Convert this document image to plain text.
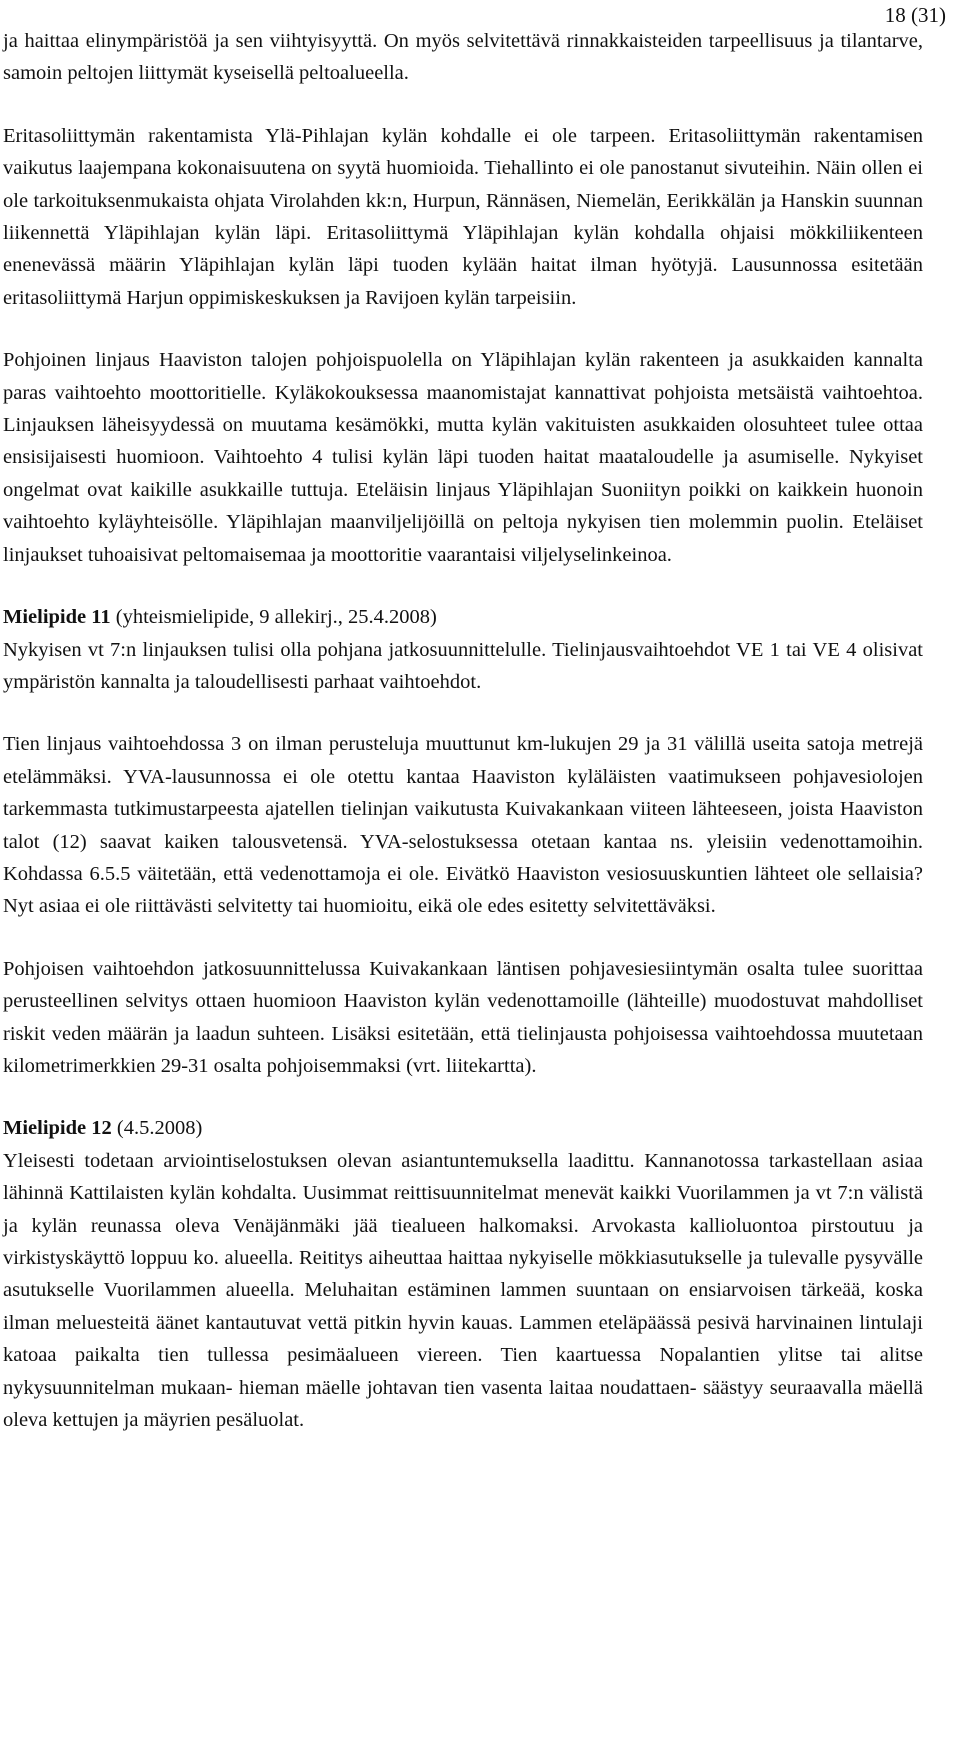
18 (31)

ja haittaa elinympäristöä ja sen viihtyisyyttä. On myös selvitettävä rinnakkaisteiden tarpeellisuus ja tilantarve, samoin peltojen liittymät kyseisellä peltoalueella.

Eritasoliittymän rakentamista Ylä-Pihlajan kylän kohdalle ei ole tarpeen. Eritasoliittymän rakentamisen vaikutus laajempana kokonaisuutena on syytä huomioida. Tiehallinto ei ole panostanut sivuteihin. Näin ollen ei ole tarkoituksenmukaista ohjata Virolahden kk:n, Hurpun, Rännäsen, Niemelän, Eerikkälän ja Hanskin suunnan liikennettä Yläpihlajan kylän läpi. Eritasoliittymä Yläpihlajan kylän kohdalla ohjaisi mökkiliikenteen enenevässä määrin Yläpihlajan kylän läpi tuoden kylään haitat ilman hyötyjä. Lausunnossa esitetään eritasoliittymä Harjun oppimiskeskuksen ja Ravijoen kylän tarpeisiin.

Pohjoinen linjaus Haaviston talojen pohjoispuolella on Yläpihlajan kylän rakenteen ja asukkaiden kannalta paras vaihtoehto moottoritielle. Kyläkokouksessa maanomistajat kannattivat pohjoista metsäistä vaihtoehtoa. Linjauksen läheisyydessä on muutama kesämökki, mutta kylän vakituisten asukkaiden olosuhteet tulee ottaa ensisijaisesti huomioon. Vaihtoehto 4 tulisi kylän läpi tuoden haitat maataloudelle ja asumiselle. Nykyiset ongelmat ovat kaikille asukkaille tuttuja. Eteläisin linjaus Yläpihlajan Suoniityn poikki on kaikkein huonoin vaihtoehto kyläyhteisölle. Yläpihlajan maanviljelijöillä on peltoja nykyisen tien molemmin puolin. Eteläiset linjaukset tuhoaisivat peltomaisemaa ja moottoritie vaarantaisi viljelyselinkeinoa.

Mielipide 11 (yhteismielipide, 9 allekirj., 25.4.2008)

Nykyisen vt 7:n linjauksen tulisi olla pohjana jatkosuunnittelulle. Tielinjausvaihtoehdot VE 1 tai VE 4 olisivat ympäristön kannalta ja taloudellisesti parhaat vaihtoehdot.

Tien linjaus vaihtoehdossa 3 on ilman perusteluja muuttunut km-lukujen 29 ja 31 välillä useita satoja metrejä etelämmäksi. YVA-lausunnossa ei ole otettu kantaa Haaviston kyläläisten vaatimukseen pohjavesiolojen tarkemmasta tutkimustarpeesta ajatellen tielinjan vaikutusta Kuivakankaan viiteen lähteeseen, joista Haaviston talot (12) saavat kaiken talousvetensä. YVA-selostuksessa otetaan kantaa ns. yleisiin vedenottamoihin. Kohdassa 6.5.5 väitetään, että vedenottamoja ei ole. Eivätkö Haaviston vesiosuuskuntien lähteet ole sellaisia? Nyt asiaa ei ole riittävästi selvitetty tai huomioitu, eikä ole edes esitetty selvitettäväksi.

Pohjoisen vaihtoehdon jatkosuunnittelussa Kuivakankaan läntisen pohjavesiesiintymän osalta tulee suorittaa perusteellinen selvitys ottaen huomioon Haaviston kylän vedenottamoille (lähteille) muodostuvat mahdolliset riskit veden määrän ja laadun suhteen. Lisäksi esitetään, että tielinjausta pohjoisessa vaihtoehdossa muutetaan kilometrimerkkien 29-31 osalta pohjoisemmaksi (vrt. liitekartta).

Mielipide 12 (4.5.2008)

Yleisesti todetaan arviointiselostuksen olevan asiantuntemuksella laadittu. Kannanotossa tarkastellaan asiaa lähinnä Kattilaisten kylän kohdalta. Uusimmat reittisuunnitelmat menevät kaikki Vuorilammen ja vt 7:n välistä ja kylän reunassa oleva Venäjänmäki jää tiealueen halkomaksi. Arvokasta kallioluontoa pirstoutuu ja virkistyskäyttö loppuu ko. alueella. Reititys aiheuttaa haittaa nykyiselle mökkiasutukselle ja tulevalle pysyvälle asutukselle Vuorilammen alueella. Meluhaitan estäminen lammen suuntaan on ensiarvoisen tärkeää, koska ilman meluesteitä äänet kantautuvat vettä pitkin hyvin kauas. Lammen eteläpäässä pesivä harvinainen lintulaji katoaa paikalta tien tullessa pesimäalueen viereen. Tien kaartuessa Nopalantien ylitse tai alitse nykysuunnitelman mukaan- hieman mäelle johtavan tien vasenta laitaa noudattaen- säästyy seuraavalla mäellä oleva kettujen ja mäyrien pesäluolat.
